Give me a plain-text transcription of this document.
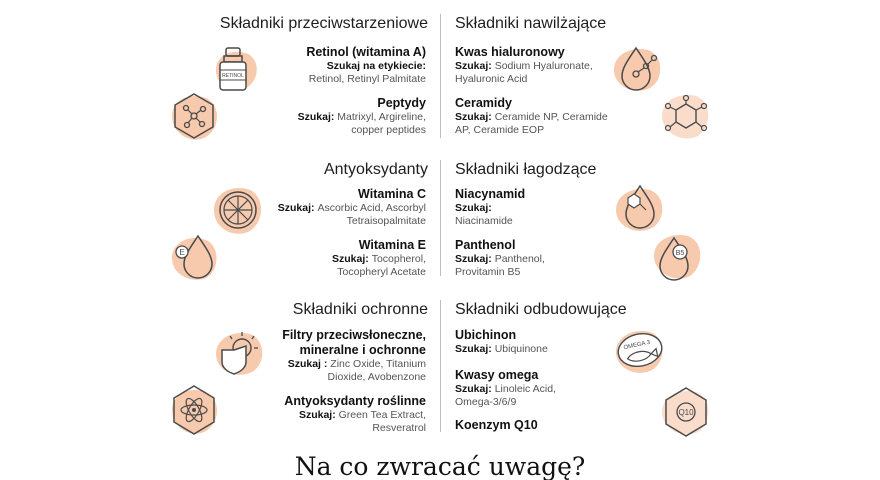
Składniki przeciwstarzeniowe Składniki nawilżające
Retinol (witamina A)
Szukaj na etykiecie:
Retinol, Retinyl Palmitate
Peptydy
Szukaj: Matrixyl, Argireline, copper peptides
Kwas hialuronowy
Szukaj: Sodium Hyaluronate, Hyaluronic Acid
Ceramidy
Szukaj: Ceramide NP, Ceramide AP, Ceramide EOP
RETINOL
Antyoksydanty Składniki łagodzące
Witamina C
Szukaj: Ascorbic Acid, Ascorbyl Tetraisopalmitate
Witamina E
Szukaj: Tocopherol, Tocopheryl Acetate
Niacynamid
Szukaj:
Niacinamide
Panthenol
Szukaj: Panthenol, Provitamin B5
E	B5
Składniki ochronne Składniki odbudowujące
Filtry przeciwsłoneczne, mineralne i ochronne
Szukaj : Zinc Oxide, Titanium Dioxide, Avobenzone
Antyoksydanty roślinne
Szukaj: Green Tea Extract, Resveratrol
Ubichinon
Szukaj: Ubiquinone
Kwasy omega
Szukaj: Linoleic Acid, Omega-3/6/9
Koenzym Q10
OMEGA 3
Q10
Na co zwracać uwagę?
